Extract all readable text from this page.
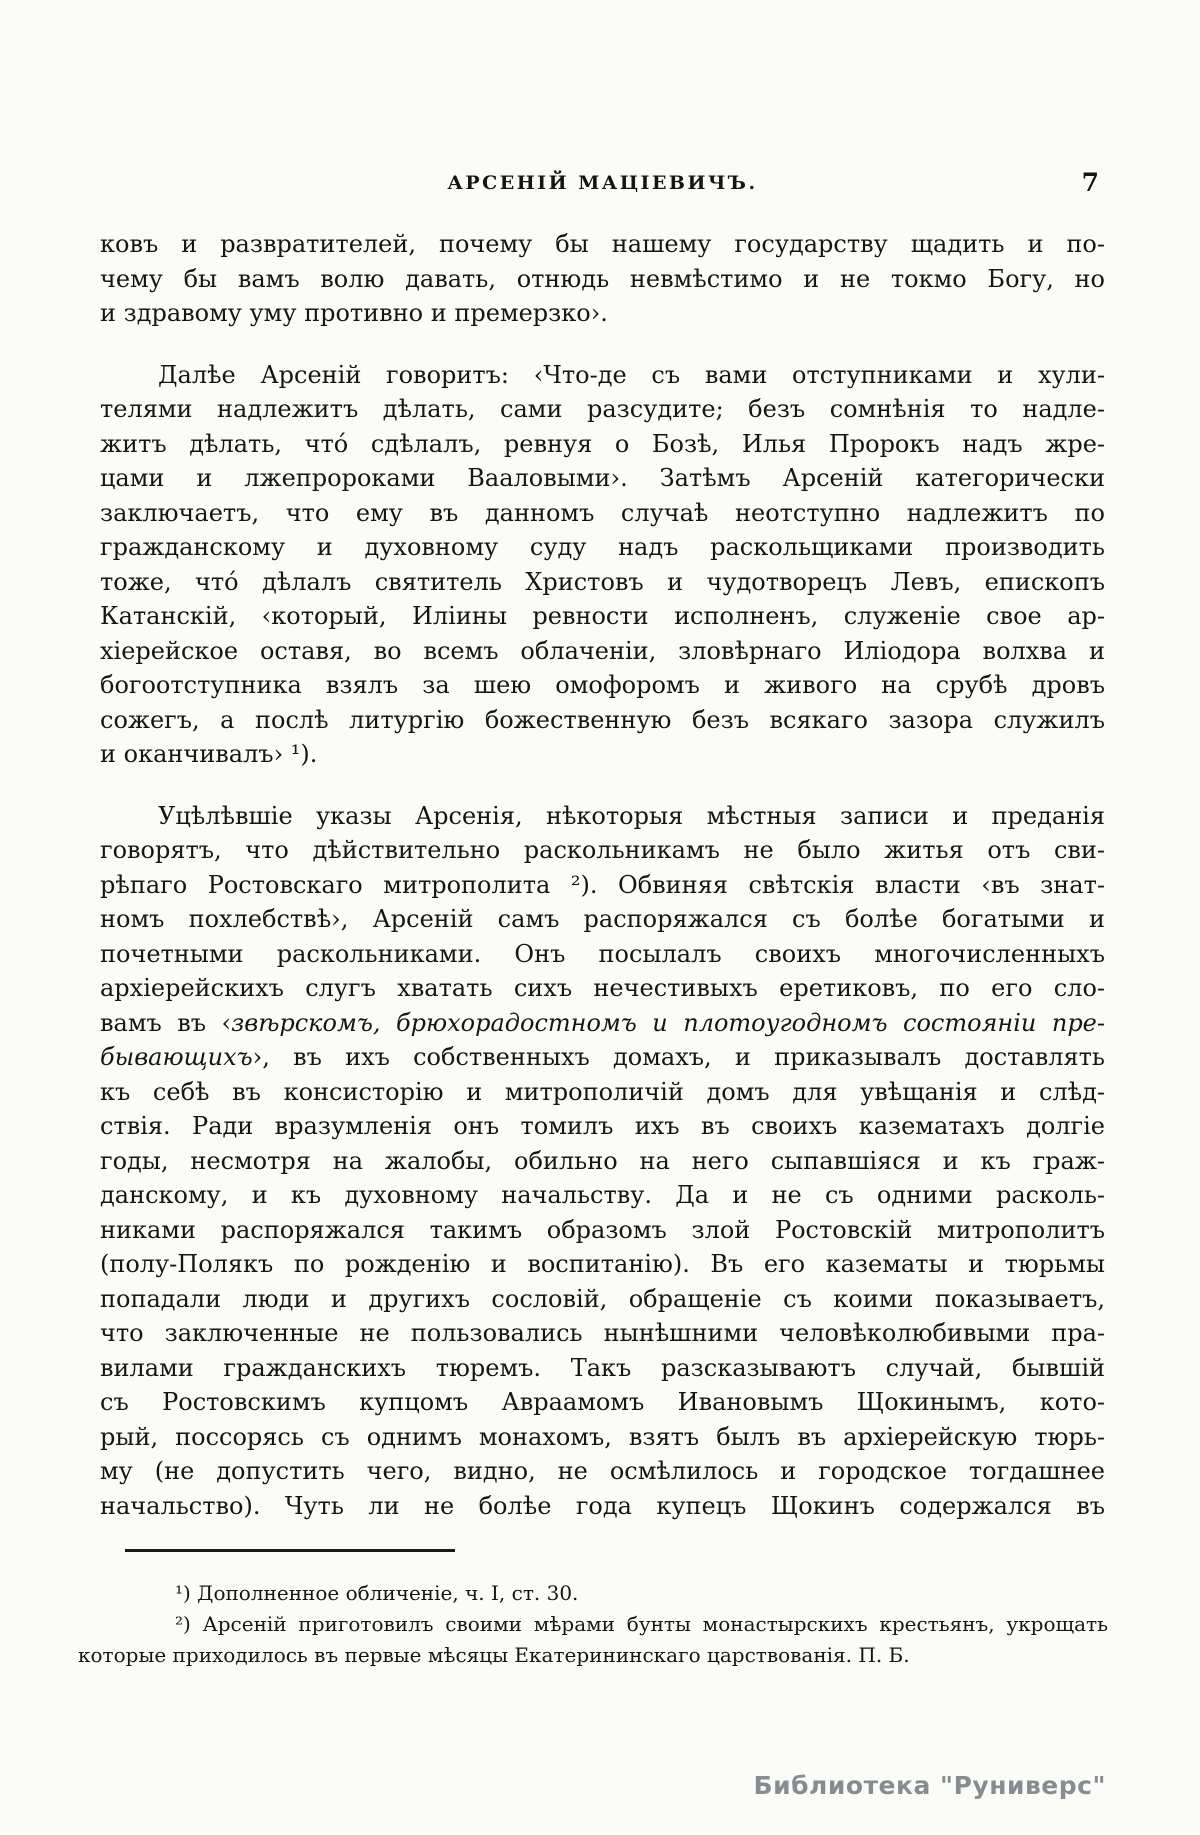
АРСЕНІЙ МАЦІЕВИЧЪ.	7
ковъ и развратителей, почему бы нашему государству щадить и по-
чему бы вамъ волю давать, отнюдь невмѣстимо и не токмо Богу, но
и здравому уму противно и премерзко›.
Далѣе Арсеній говоритъ: ‹Что-де съ вами отступниками и хули-
телями надлежитъ дѣлать, сами разсудите; безъ сомнѣнія то надле-
житъ дѣлать, что́ сдѣлалъ, ревнуя о Бозѣ, Илья Пророкъ надъ жре-
цами и лжепророками Вааловыми›. Затѣмъ Арсеній категорически
заключаетъ, что ему въ данномъ случаѣ неотступно надлежитъ по
гражданскому и духовному суду надъ раскольщиками производить
тоже, что́ дѣлалъ святитель Христовъ и чудотворецъ Левъ, епископъ
Катанскій, ‹который, Иліины ревности исполненъ, служеніе свое ар-
хіерейское оставя, во всемъ облаченіи, зловѣрнаго Иліодора волхва и
богоотступника взялъ за шею омофоромъ и живого на срубѣ дровъ
сожегъ, а послѣ литургію божественную безъ всякаго зазора служилъ
и оканчивалъ› ¹).
Уцѣлѣвшіе указы Арсенія, нѣкоторыя мѣстныя записи и преданія
говорятъ, что дѣйствительно раскольникамъ не было житья отъ сви-
рѣпаго Ростовскаго митрополита ²). Обвиняя свѣтскія власти ‹въ знат-
номъ похлебствѣ›, Арсеній самъ распоряжался съ болѣе богатыми и
почетными раскольниками. Онъ посылалъ своихъ многочисленныхъ
архіерейскихъ слугъ хватать сихъ нечестивыхъ еретиковъ, по его сло-
вамъ въ ‹звѣрскомъ, брюхорадостномъ и плотоугодномъ состояніи пре-
бывающихъ›, въ ихъ собственныхъ домахъ, и приказывалъ доставлять
къ себѣ въ консисторію и митрополичій домъ для увѣщанія и слѣд-
ствія. Ради вразумленія онъ томилъ ихъ въ своихъ казематахъ долгіе
годы, несмотря на жалобы, обильно на него сыпавшіяся и къ граж-
данскому, и къ духовному начальству. Да и не съ одними расколь-
никами распоряжался такимъ образомъ злой Ростовскій митрополитъ
(полу-Полякъ по рожденію и воспитанію). Въ его казематы и тюрьмы
попадали люди и другихъ сословій, обращеніе съ коими показываетъ,
что заключенные не пользовались нынѣшними человѣколюбивыми пра-
вилами гражданскихъ тюремъ. Такъ разсказываютъ случай, бывшій
съ Ростовскимъ купцомъ Авраамомъ Ивановымъ Щокинымъ, кото-
рый, поссорясь съ однимъ монахомъ, взятъ былъ въ архіерейскую тюрь-
му (не допустить чего, видно, не осмѣлилось и городское тогдашнее
начальство). Чуть ли не болѣе года купецъ Щокинъ содержался въ
¹) Дополненное обличеніе, ч. I, ст. 30.
²) Арсеній приготовилъ своими мѣрами бунты монастырскихъ крестьянъ, укрощать
которые приходилось въ первые мѣсяцы Екатерининскаго царствованія. П. Б.
Библиотека "Руниверс"
